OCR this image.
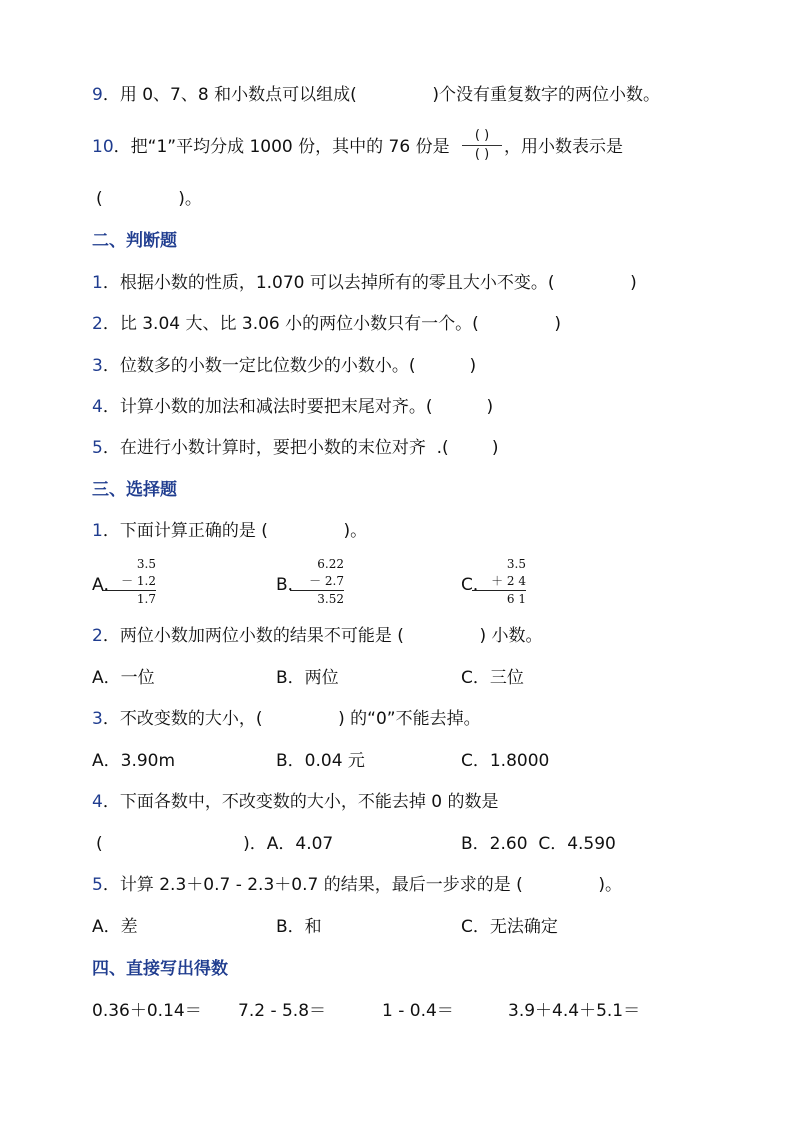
9．用 0、7、8 和小数点可以组成(              )个没有重复数字的两位小数。
10．把“1”平均分成 1000 份，其中的 76 份是
( )
( ) ，用小数表示是
(              )。
二、判断题
1．根据小数的性质，1.070 可以去掉所有的零且大小不变。(              )
2．比 3.04 大、比 3.06 小的两位小数只有一个。(              )
3．位数多的小数一定比位数少的小数小。(          )
4．计算小数的加法和减法时要把末尾对齐。(          )
5．在进行小数计算时，要把小数的末位对齐  .(        )
三、选择题
1．下面计算正确的是 (              )。
A．
3.5
－ 1.2
1.7
B．
6.22
－ 2.7
3.52
C．
3.5
＋ 2 4
6 1
2．两位小数加两位小数的结果不可能是 (              ) 小数。
A．一位	B．两位	C．三位
3．不改变数的大小，(              ) 的“0”不能去掉。
A．3.90m	B．0.04 元	C．1.8000
4．下面各数中，不改变数的大小，不能去掉 0 的数是
(                          )．A．4.07	B．2.60  C．4.590
5．计算 2.3＋0.7 - 2.3＋0.7 的结果，最后一步求的是 (              )。
A．差	B．和	C．无法确定
四、直接写出得数
0.36＋0.14＝ 7.2 - 5.8＝	1 - 0.4＝	3.9＋4.4＋5.1＝
